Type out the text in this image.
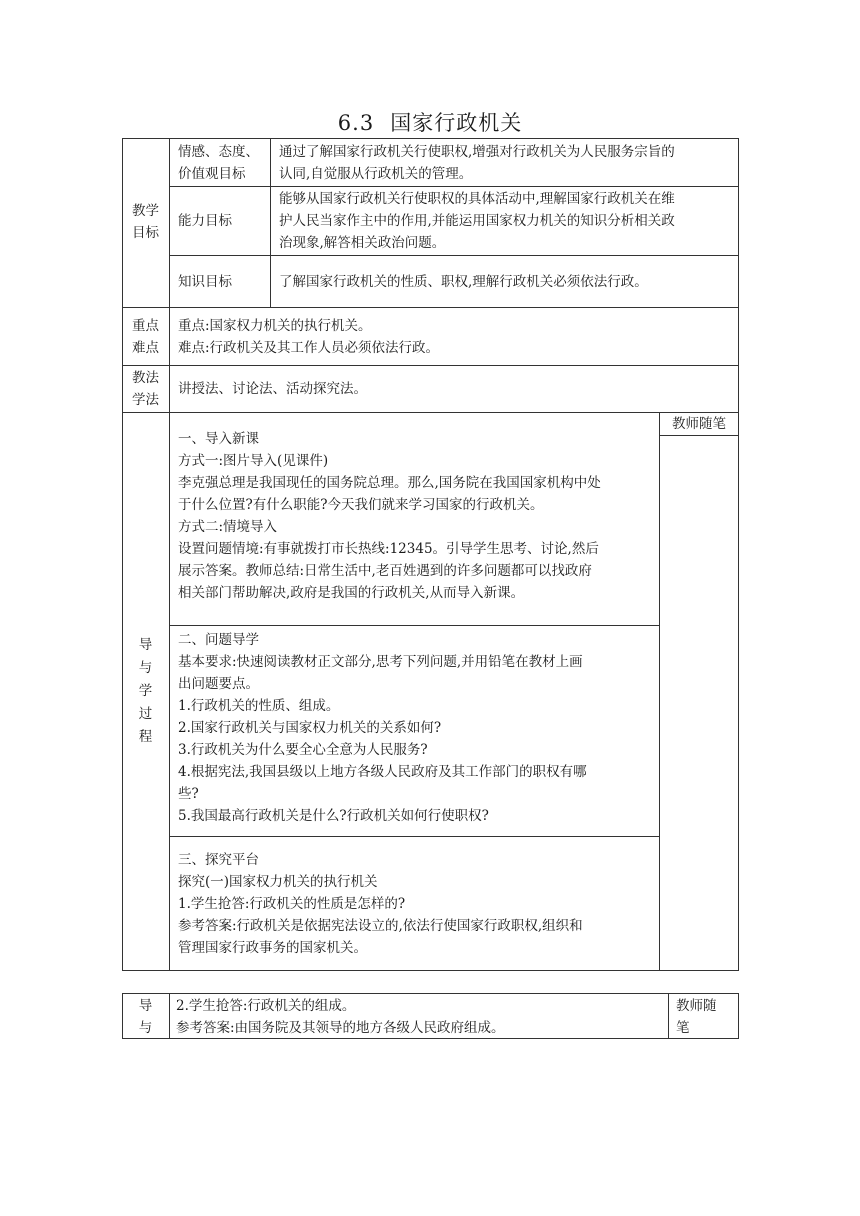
6.3 国家行政机关
教学
目标
情感、态度、
价值观目标
通过了解国家行政机关行使职权,增强对行政机关为人民服务宗旨的
认同,自觉服从行政机关的管理。
能力目标
能够从国家行政机关行使职权的具体活动中,理解国家行政机关在维
护人民当家作主中的作用,并能运用国家权力机关的知识分析相关政
治现象,解答相关政治问题。
知识目标	了解国家行政机关的性质、职权,理解行政机关必须依法行政。
重点
难点
重点:国家权力机关的执行机关。
难点:行政机关及其工作人员必须依法行政。
教法
学法
讲授法、讨论法、活动探究法。
导
与
学
过
程
教师随笔
一、导入新课
方式一:图片导入(见课件)
李克强总理是我国现任的国务院总理。那么,国务院在我国国家机构中处
于什么位置?有什么职能?今天我们就来学习国家的行政机关。
方式二:情境导入
设置问题情境:有事就拨打市长热线:12345。引导学生思考、讨论,然后
展示答案。教师总结:日常生活中,老百姓遇到的许多问题都可以找政府
相关部门帮助解决,政府是我国的行政机关,从而导入新课。
二、问题导学
基本要求:快速阅读教材正文部分,思考下列问题,并用铅笔在教材上画
出问题要点。
1.行政机关的性质、组成。
2.国家行政机关与国家权力机关的关系如何?
3.行政机关为什么要全心全意为人民服务?
4.根据宪法,我国县级以上地方各级人民政府及其工作部门的职权有哪
些?
5.我国最高行政机关是什么?行政机关如何行使职权?
三、探究平台
探究(一)国家权力机关的执行机关
1.学生抢答:行政机关的性质是怎样的?
参考答案:行政机关是依据宪法设立的,依法行使国家行政职权,组织和
管理国家行政事务的国家机关。
导
与
2.学生抢答:行政机关的组成。
参考答案:由国务院及其领导的地方各级人民政府组成。
教师随
笔
